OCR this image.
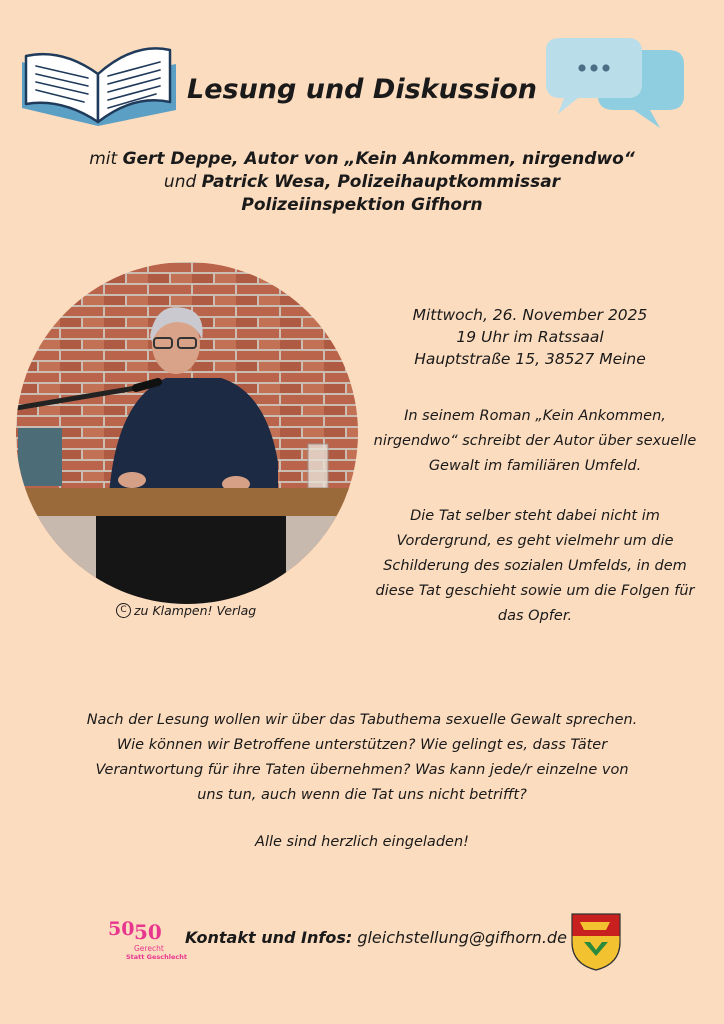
Lesung und Diskussion
mit Gert Deppe, Autor von „Kein Ankommen, nirgendwo“
und Patrick Wesa, Polizeihauptkommissar
Polizeiinspektion Gifhorn
C zu Klampen! Verlag
Mittwoch, 26. November 2025
19 Uhr im Ratssaal
Hauptstraße 15, 38527 Meine
In seinem Roman „Kein Ankommen,
nirgendwo“ schreibt der Autor über sexuelle
Gewalt im familiären Umfeld.
Die Tat selber steht dabei nicht im
Vordergrund, es geht vielmehr um die
Schilderung des sozialen Umfelds, in dem
diese Tat geschieht sowie um die Folgen für
das Opfer.
Nach der Lesung wollen wir über das Tabuthema sexuelle Gewalt sprechen.
Wie können wir Betroffene unterstützen? Wie gelingt es, dass Täter
Verantwortung für ihre Taten übernehmen? Was kann jede/r einzelne von
uns tun, auch wenn die Tat uns nicht betrifft?
Alle sind herzlich eingeladen!
50 50
Gerecht
Statt Geschlecht
Kontakt und Infos: gleichstellung@gifhorn.de
